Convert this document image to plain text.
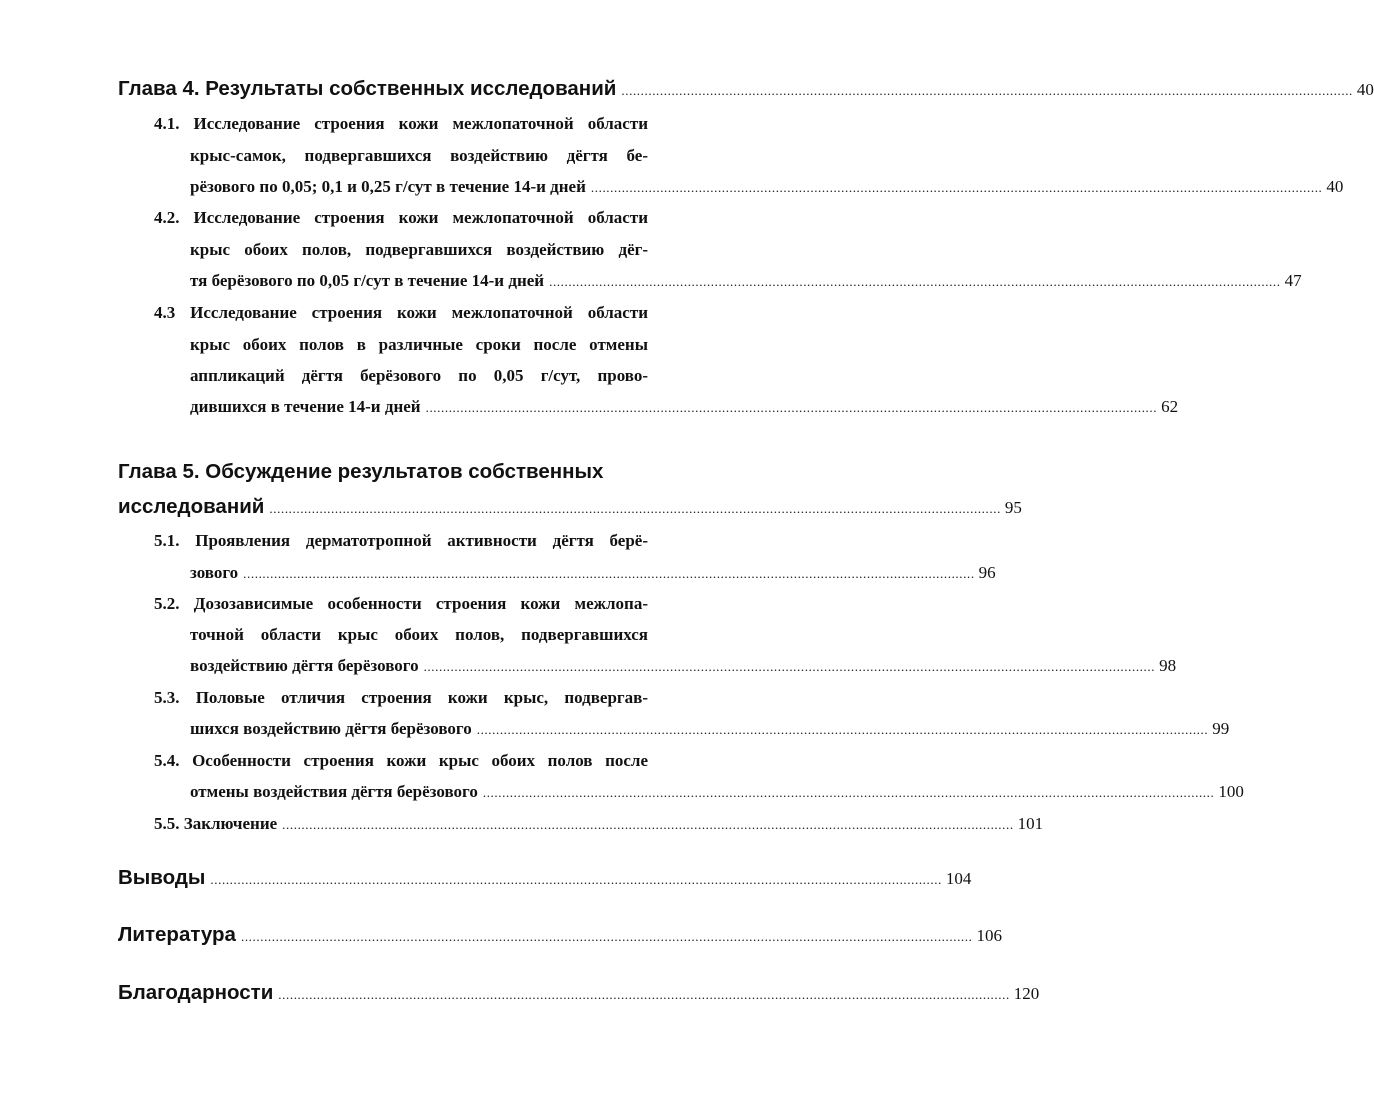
Глава 4. Результаты собственных исследований .............................................................................................................................................................................................. 40
4.1. Исследование строения кожи межлопаточной области
крыс-самок, подвергавшихся воздействию дёгтя бе-
рёзового по 0,05; 0,1 и 0,25 г/сут в течение 14-и дней .............................................................................................................................................................................................. 40
4.2. Исследование строения кожи межлопаточной области
крыс обоих полов, подвергавшихся воздействию дёг-
тя берёзового по 0,05 г/сут в течение 14-и дней .............................................................................................................................................................................................. 47
4.3 Исследование строения кожи межлопаточной области
крыс обоих полов в различные сроки после отмены
аппликаций дёгтя берёзового по 0,05 г/сут, прово-
дившихся в течение 14-и дней .............................................................................................................................................................................................. 62
Глава 5. Обсуждение результатов собственных
исследований .............................................................................................................................................................................................. 95
5.1. Проявления дерматотропной активности дёгтя берё-
зового .............................................................................................................................................................................................. 96
5.2. Дозозависимые особенности строения кожи межлопа-
точной области крыс обоих полов, подвергавшихся
воздействию дёгтя берёзового .............................................................................................................................................................................................. 98
5.3. Половые отличия строения кожи крыс, подвергав-
шихся воздействию дёгтя берёзового .............................................................................................................................................................................................. 99
5.4. Особенности строения кожи крыс обоих полов после
отмены воздействия дёгтя берёзового .............................................................................................................................................................................................. 100
5.5. Заключение .............................................................................................................................................................................................. 101
Выводы .............................................................................................................................................................................................. 104
Литература .............................................................................................................................................................................................. 106
Благодарности .............................................................................................................................................................................................. 120
